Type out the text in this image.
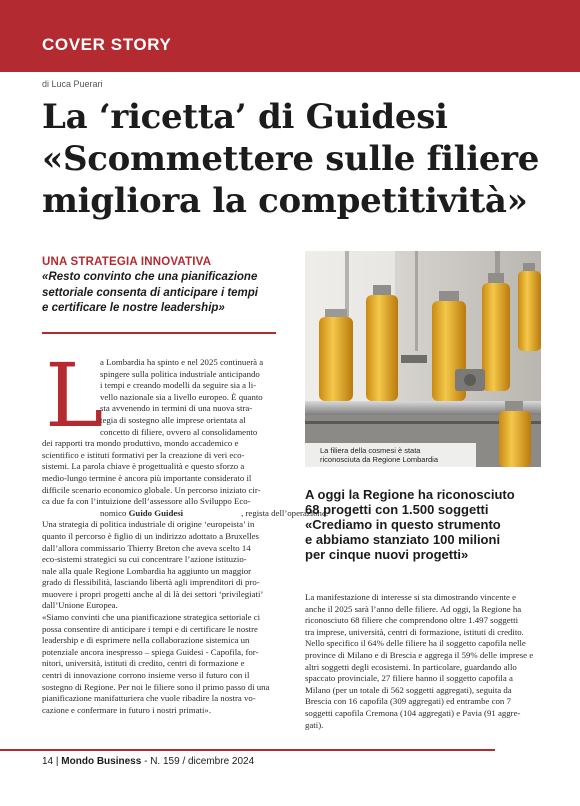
COVER STORY
di Luca Puerari
La ‘ricetta’ di Guidesi
«Scommettere sulle filiere
migliora la competitività»
UNA STRATEGIA INNOVATIVA
«Resto convinto che una pianificazione
settoriale consenta di anticipare i tempi
e certificare le nostre leadership»
L
a Lombardia ha spinto e nel 2025 continuerà a
spingere sulla politica industriale anticipando
i tempi e creando modelli da seguire sia a li-
vello nazionale sia a livello europeo. È quanto
sta avvenendo in termini di una nuova stra-
tegia di sostegno alle imprese orientata al
concetto di filiere, ovvero al consolidamento
dei rapporti tra mondo produttivo, mondo accademico e
scientifico e istituti formativi per la creazione di veri eco-
sistemi. La parola chiave è progettualità e questo sforzo a
medio-lungo termine è ancora più importante considerato il
difficile scenario economico globale. Un percorso iniziato cir-
ca due fa con l’intuizione dell’assessore allo Sviluppo Eco-
nomico Guido Guidesi	, regista dell’operazione.
Una strategia di politica industriale di origine ‘europeista’ in
quanto il percorso è figlio di un indirizzo adottato a Bruxelles
dall’allora commissario Thierry Breton che aveva scelto 14
eco-sistemi strategici su cui concentrare l’azione istituzio-
nale alla quale Regione Lombardia ha aggiunto un maggior
grado di flessibilità, lasciando libertà agli imprenditori di pro-
muovere i propri progetti anche al di là dei settori ‘privilegiati’
dall’Unione Europea.
«Siamo convinti che una pianificazione strategica settoriale ci
possa consentire di anticipare i tempi e di certificare le nostre
leadership e di esprimere nella collaborazione sistemica un
potenziale ancora inespresso – spiega Guidesi - Capofila, for-
nitori, università, istituti di credito, centri di formazione e
centri di innovazione corrono insieme verso il futuro con il
sostegno di Regione. Per noi le filiere sono il primo passo di una
pianificazione manifatturiera che vuole ribadire la nostra vo-
cazione e confermare in futuro i nostri primati».
La filiera della cosmesi è stata
riconosciuta da Regione Lombardia
A oggi la Regione ha riconosciuto
68 progetti con 1.500 soggetti
«Crediamo in questo strumento
e abbiamo stanziato 100 milioni
per cinque nuovi progetti»
La manifestazione di interesse si sta dimostrando vincente e
anche il 2025 sarà l’anno delle filiere. Ad oggi, la Regione ha
riconosciuto 68 filiere che comprendono oltre 1.497 soggetti
tra imprese, università, centri di formazione, istituti di credito.
Nello specifico il 64% delle filiere ha il soggetto capofila nelle
province di Milano e di Brescia e aggrega il 59% delle imprese e
altri soggetti degli ecosistemi. In particolare, guardando allo
spaccato provinciale, 27 filiere hanno il soggetto capofila a
Milano (per un totale di 562 soggetti aggregati), seguita da
Brescia con 16 capofila (309 aggregati) ed entrambe con 7
soggetti capofila Cremona (104 aggregati) e Pavia (91 aggre-
gati).
14 | Mondo Business - N. 159 / dicembre 2024
